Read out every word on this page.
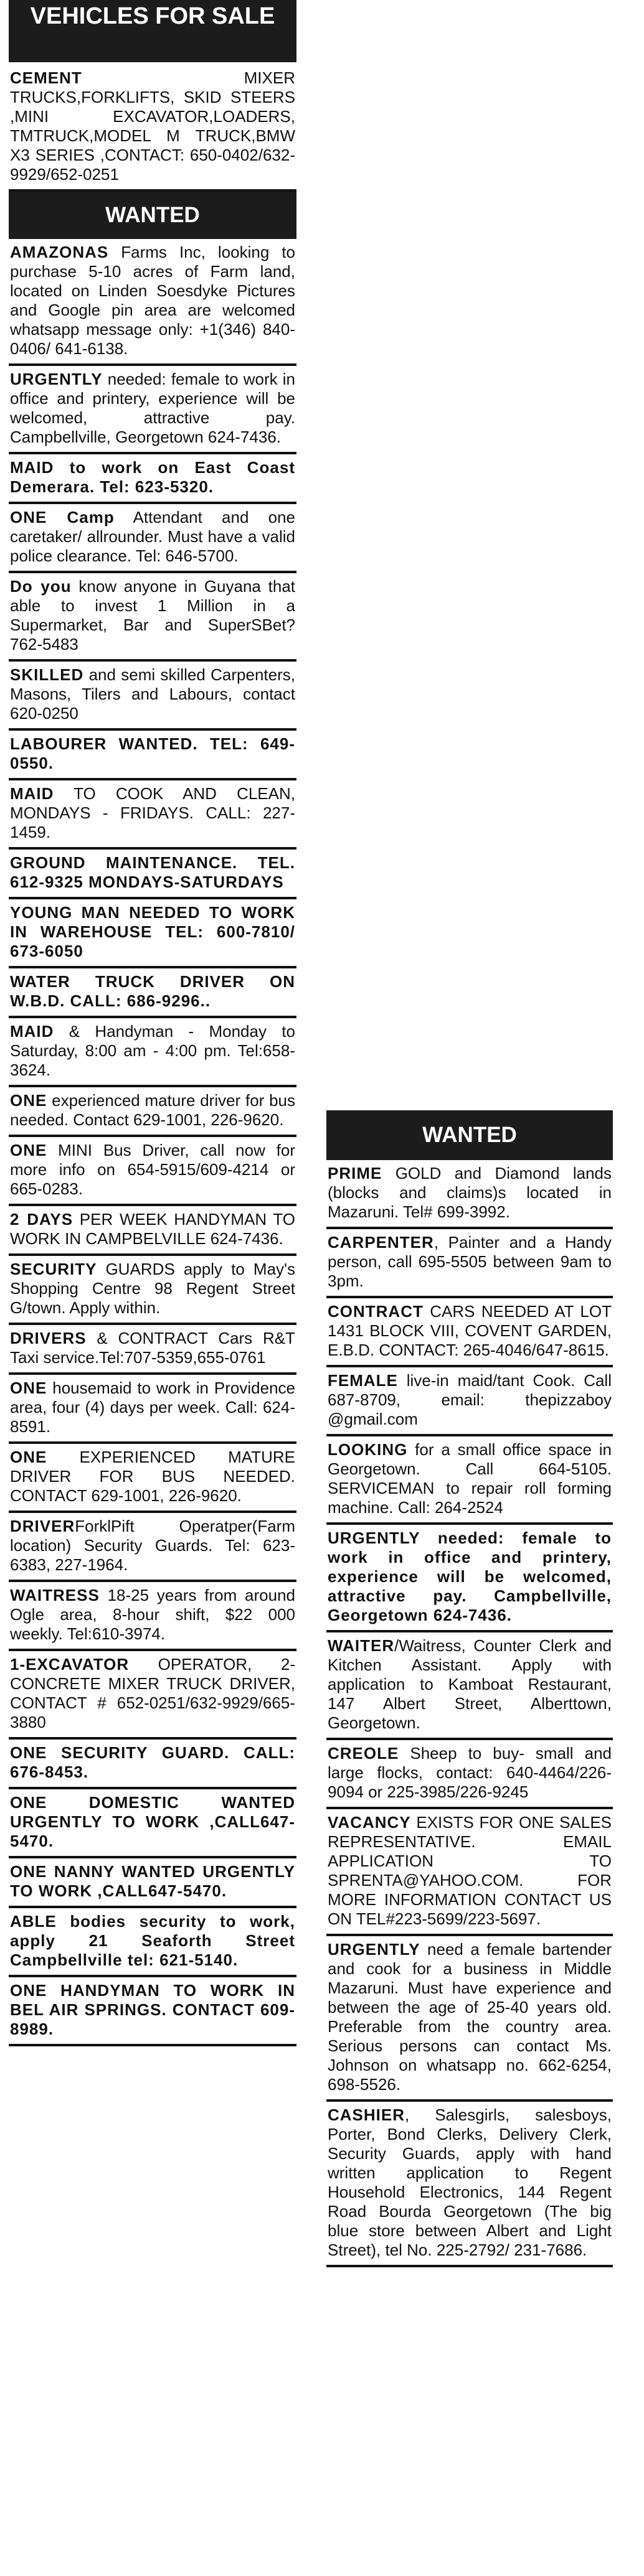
VEHICLES FOR SALE
CEMENT MIXER TRUCKS,FORKLIFTS, SKID STEERS ,MINI EXCAVATOR,LOADERS, TMTRUCK,MODEL M TRUCK,BMW X3 SERIES ,CONTACT: 650-0402/632-9929/652-0251
WANTED
AMAZONAS Farms Inc, looking to purchase 5-10 acres of Farm land, located on Linden Soesdyke Pictures and Google pin area are welcomed whatsapp message only: +1(346) 840-0406/ 641-6138.
URGENTLY needed: female to work in office and printery, experience will be welcomed, attractive pay. Campbellville, Georgetown 624-7436.
MAID to work on East Coast Demerara. Tel: 623-5320.
ONE Camp Attendant and one caretaker/ allrounder. Must have a valid police clearance. Tel: 646-5700.
Do you know anyone in Guyana that able to invest 1 Million in a Supermarket, Bar and SuperSBet? 762-5483
SKILLED and semi skilled Carpenters, Masons, Tilers and Labours, contact 620-0250
LABOURER WANTED. TEL: 649-0550.
MAID TO COOK AND CLEAN, MONDAYS - FRIDAYS. CALL: 227-1459.
GROUND MAINTENANCE. TEL. 612-9325 MONDAYS-SATURDAYS
YOUNG MAN NEEDED TO WORK IN WAREHOUSE TEL: 600-7810/ 673-6050
WATER TRUCK DRIVER ON W.B.D. CALL: 686-9296..
MAID & Handyman - Monday to Saturday, 8:00 am - 4:00 pm. Tel:658-3624.
ONE experienced mature driver for bus needed. Contact 629-1001, 226-9620.
ONE MINI Bus Driver, call now for more info on 654-5915/609-4214 or 665-0283.
2 DAYS PER WEEK HANDYMAN TO WORK IN CAMPBELVILLE 624-7436.
SECURITY GUARDS apply to May's Shopping Centre 98 Regent Street G/town. Apply within.
DRIVERS & CONTRACT Cars R&T Taxi service.Tel:707-5359,655-0761
ONE housemaid to work in Providence area, four (4) days per week. Call: 624-8591.
ONE EXPERIENCED MATURE DRIVER FOR BUS NEEDED. CONTACT 629-1001, 226-9620.
DRIVERForklPift Operatper(Farm location) Security Guards. Tel: 623-6383, 227-1964.
WAITRESS 18-25 years from around Ogle area, 8-hour shift, $22 000 weekly. Tel:610-3974.
1-EXCAVATOR OPERATOR, 2- CONCRETE MIXER TRUCK DRIVER, CONTACT # 652-0251/632-9929/665-3880
ONE SECURITY GUARD. CALL: 676-8453.
ONE DOMESTIC WANTED URGENTLY TO WORK ,CALL647-5470.
ONE NANNY WANTED URGENTLY TO WORK ,CALL647-5470.
ABLE bodies security to work, apply 21 Seaforth Street Campbellville tel: 621-5140.
ONE HANDYMAN TO WORK IN BEL AIR SPRINGS. CONTACT 609-8989.
WANTED
PRIME GOLD and Diamond lands (blocks and claims)s located in Mazaruni. Tel# 699-3992.
CARPENTER, Painter and a Handy person, call 695-5505 between 9am to 3pm.
CONTRACT CARS NEEDED AT LOT 1431 BLOCK VIII, COVENT GARDEN, E.B.D. CONTACT: 265-4046/647-8615.
FEMALE live-in maid/tant Cook. Call 687-8709, email: thepizzaboy @gmail.com
LOOKING for a small office space in Georgetown. Call 664-5105. SERVICEMAN to repair roll forming machine. Call: 264-2524
URGENTLY needed: female to work in office and printery, experience will be welcomed, attractive pay. Campbellville, Georgetown 624-7436.
WAITER/Waitress, Counter Clerk and Kitchen Assistant. Apply with application to Kamboat Restaurant, 147 Albert Street, Alberttown, Georgetown.
CREOLE Sheep to buy- small and large flocks, contact: 640-4464/226-9094 or 225-3985/226-9245
VACANCY EXISTS FOR ONE SALES REPRESENTATIVE. EMAIL APPLICATION TO SPRENTA@YAHOO.COM. FOR MORE INFORMATION CONTACT US ON TEL#223-5699/223-5697.
URGENTLY need a female bartender and cook for a business in Middle Mazaruni. Must have experience and between the age of 25-40 years old. Preferable from the country area. Serious persons can contact Ms. Johnson on whatsapp no. 662-6254, 698-5526.
CASHIER, Salesgirls, salesboys, Porter, Bond Clerks, Delivery Clerk, Security Guards, apply with hand written application to Regent Household Electronics, 144 Regent Road Bourda Georgetown (The big blue store between Albert and Light Street), tel No. 225-2792/ 231-7686.
